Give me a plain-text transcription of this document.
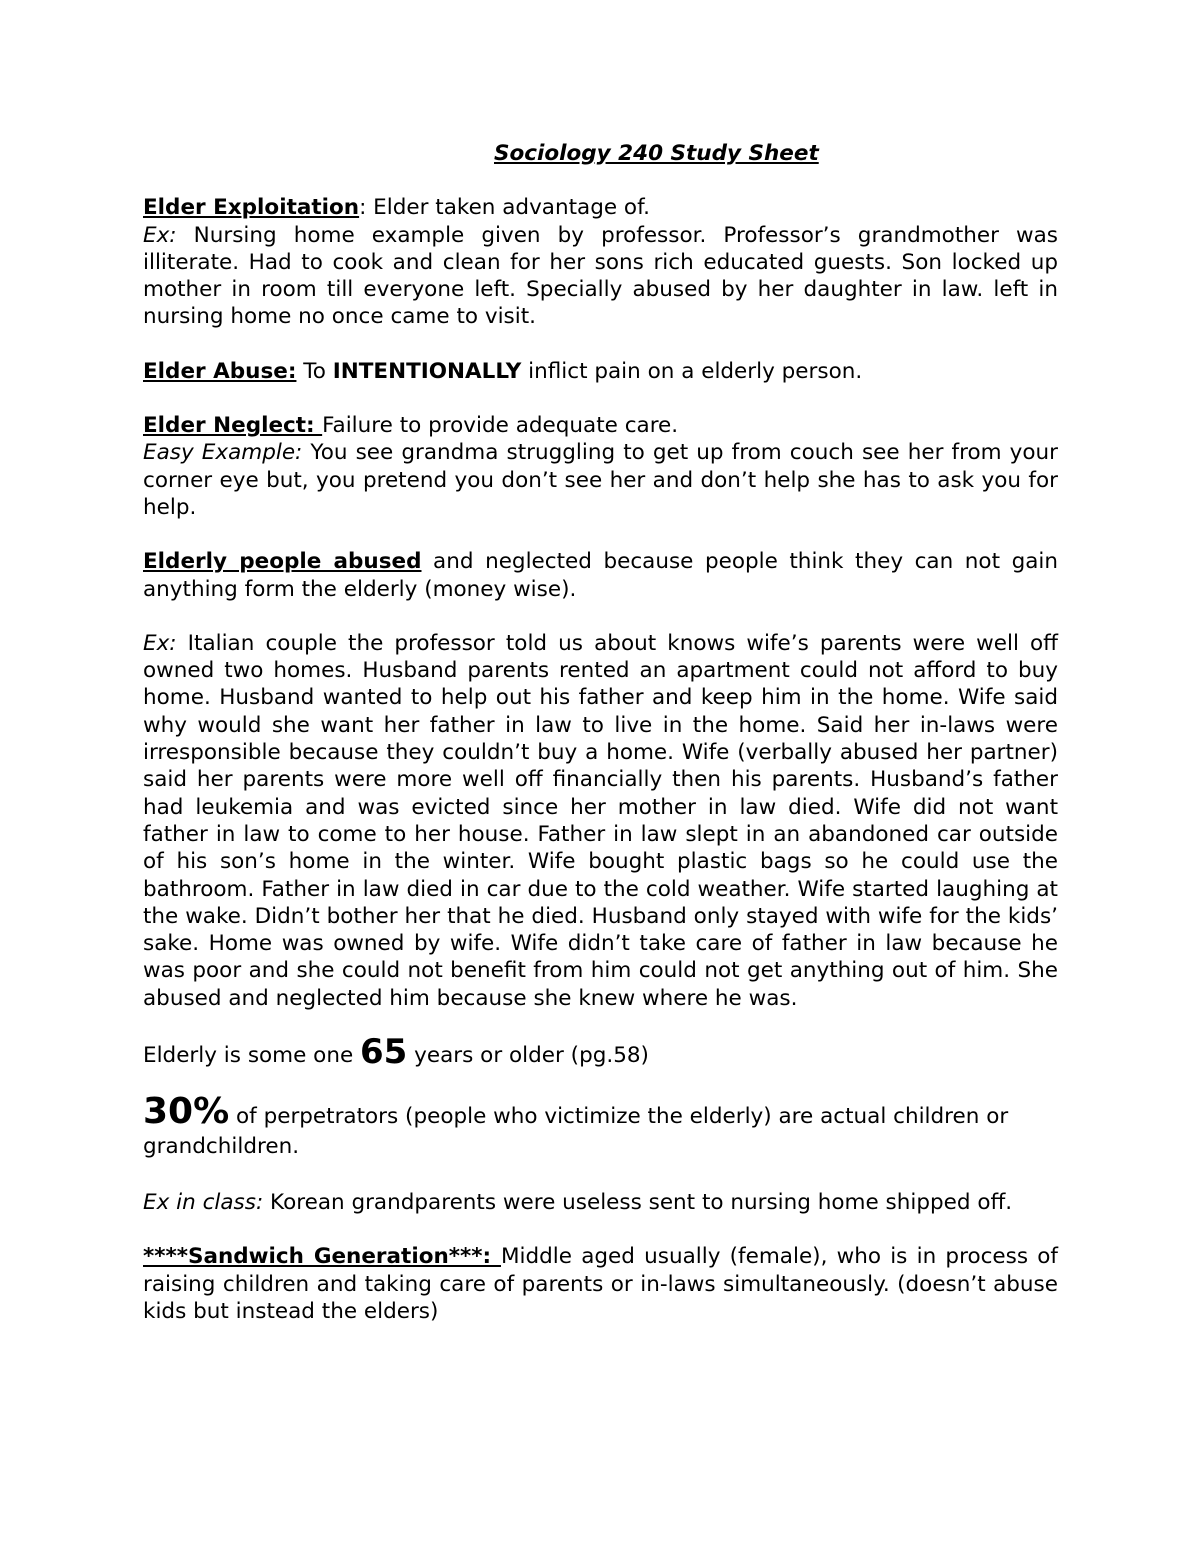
Sociology 240 Study Sheet

Elder Exploitation: Elder taken advantage of.
Ex: Nursing home example given by professor. Professor’s grandmother was illiterate. Had to cook and clean for her sons rich educated guests. Son locked up mother in room till everyone left. Specially abused by her daughter in law. left in nursing home no once came to visit.

Elder Abuse: To INTENTIONALLY inflict pain on a elderly person.

Elder Neglect: Failure to provide adequate care.
Easy Example: You see grandma struggling to get up from couch see her from your corner eye but, you pretend you don’t see her and don’t help she has to ask you for help.

Elderly people abused and neglected because people think they can not gain anything form the elderly (money wise).

Ex: Italian couple the professor told us about knows wife’s parents were well off owned two homes. Husband parents rented an apartment could not afford to buy home. Husband wanted to help out his father and keep him in the home. Wife said why would she want her father in law to live in the home. Said her in-laws were irresponsible because they couldn’t buy a home. Wife (verbally abused her partner) said her parents were more well off financially then his parents. Husband’s father had leukemia and was evicted since her mother in law died. Wife did not want father in law to come to her house. Father in law slept in an abandoned car outside of his son’s home in the winter. Wife bought plastic bags so he could use the bathroom. Father in law died in car due to the cold weather. Wife started laughing at the wake. Didn’t bother her that he died. Husband only stayed with wife for the kids’ sake. Home was owned by wife. Wife didn’t take care of father in law because he was poor and she could not benefit from him could not get anything out of him. She abused and neglected him because she knew where he was.

Elderly is some one 65 years or older (pg.58)

30% of perpetrators (people who victimize the elderly) are actual children or grandchildren.

Ex in class: Korean grandparents were useless sent to nursing home shipped off.

****Sandwich Generation***: Middle aged usually (female), who is in process of raising children and taking care of parents or in-laws simultaneously. (doesn’t abuse kids but instead the elders)
